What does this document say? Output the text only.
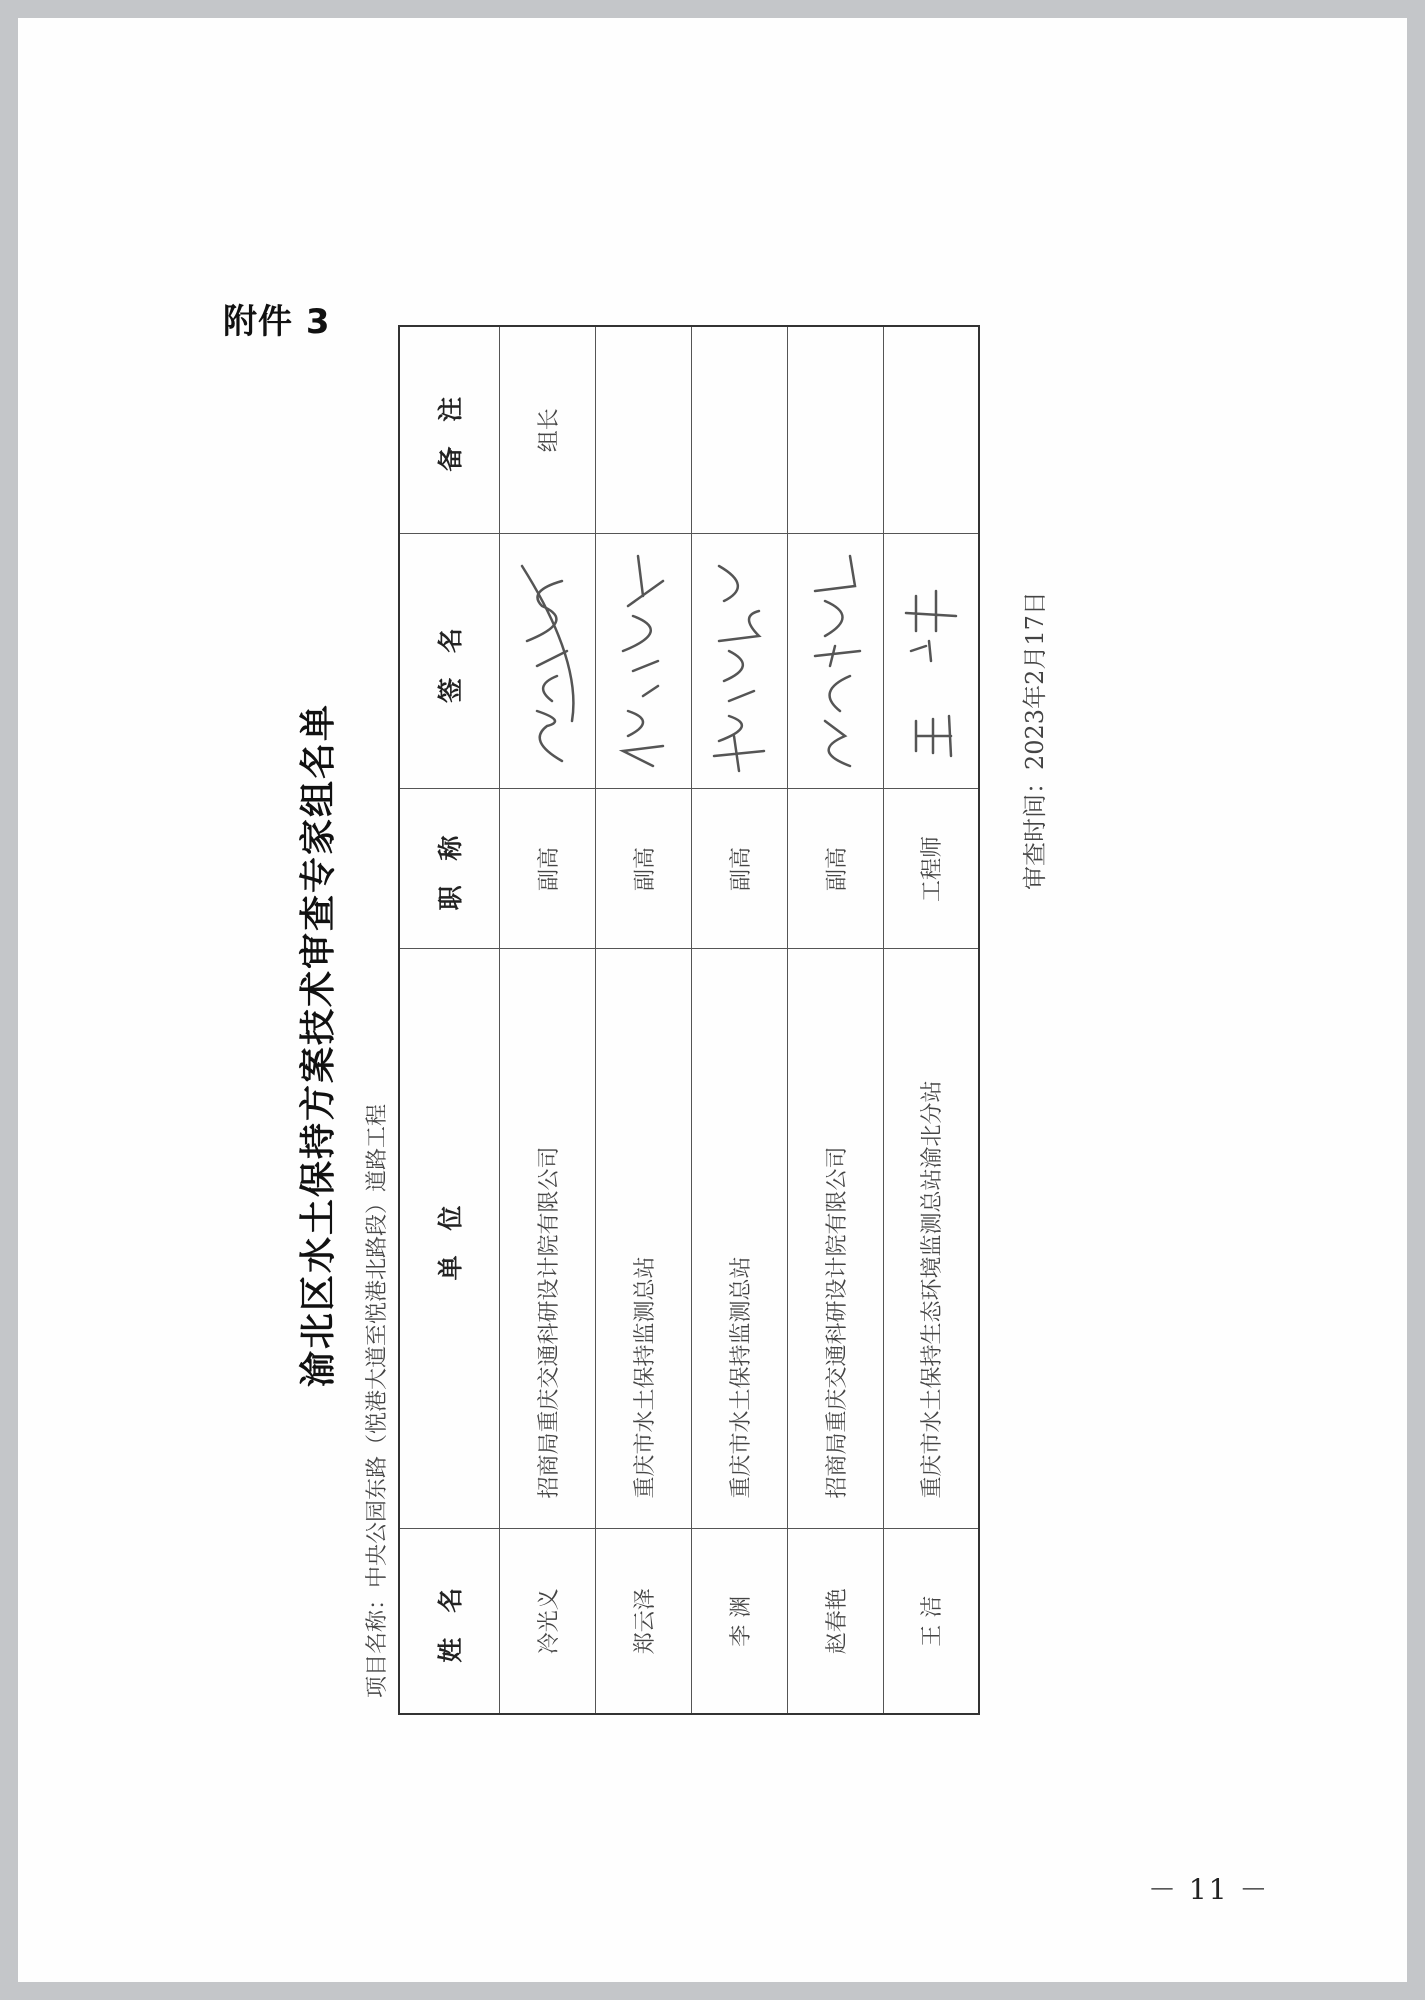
附件 3
－ 11 －
渝北区水土保持方案技术审查专家组名单
项目名称：中央公园东路（悦港大道至悦港北路段）道路工程
姓 名	单 位	职 称	签 名	备 注
冷光义	招商局重庆交通科研设计院有限公司	副高		组长
郑云泽	重庆市水土保持监测总站	副高	

李 渊	重庆市水土保持监测总站	副高	

赵春艳	招商局重庆交通科研设计院有限公司	副高	

王 洁	重庆市水土保持生态环境监测总站渝北分站	工程师	
		审查时间：2023年2月17日
